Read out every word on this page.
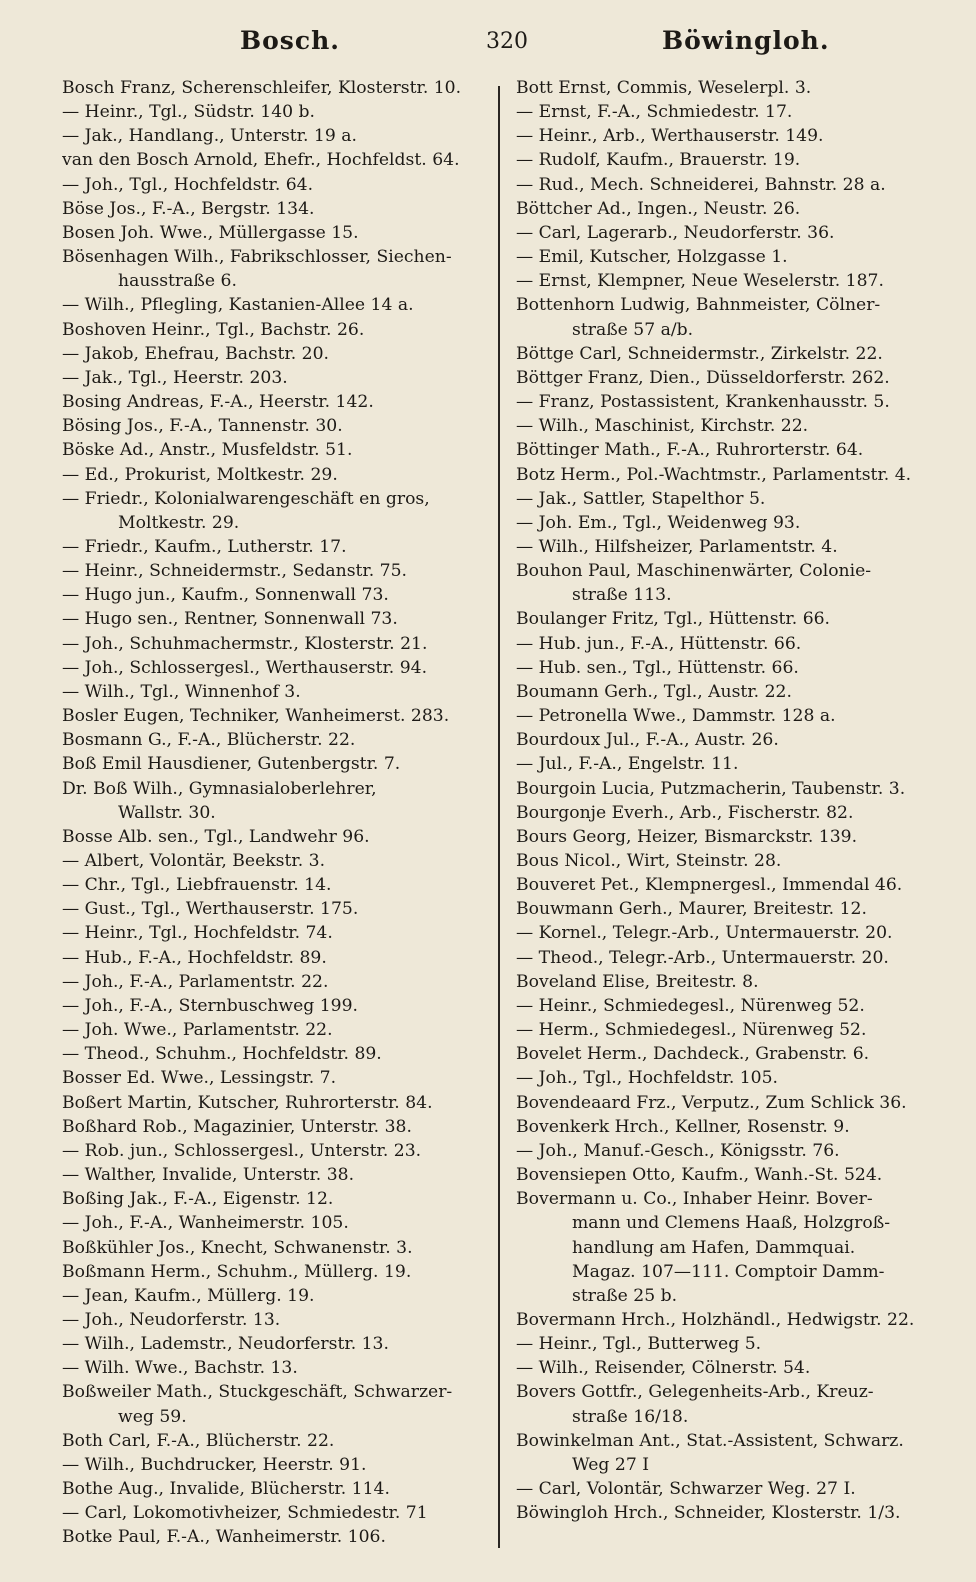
Bosch.	320	Böwingloh.
Bosch Franz, Scherenschleifer, Klosterstr. 10.
— Heinr., Tgl., Südstr. 140 b.
— Jak., Handlang., Unterstr. 19 a.
van den Bosch Arnold, Ehefr., Hochfeldst. 64.
— Joh., Tgl., Hochfeldstr. 64.
Böse Jos., F.-A., Bergstr. 134.
Bosen Joh. Wwe., Müllergasse 15.
Bösenhagen Wilh., Fabrikschlosser, Siechen-
hausstraße 6.
— Wilh., Pflegling, Kastanien-Allee 14 a.
Boshoven Heinr., Tgl., Bachstr. 26.
— Jakob, Ehefrau, Bachstr. 20.
— Jak., Tgl., Heerstr. 203.
Bosing Andreas, F.-A., Heerstr. 142.
Bösing Jos., F.-A., Tannenstr. 30.
Böske Ad., Anstr., Musfeldstr. 51.
— Ed., Prokurist, Moltkestr. 29.
— Friedr., Kolonialwarengeschäft en gros,
Moltkestr. 29.
— Friedr., Kaufm., Lutherstr. 17.
— Heinr., Schneidermstr., Sedanstr. 75.
— Hugo jun., Kaufm., Sonnenwall 73.
— Hugo sen., Rentner, Sonnenwall 73.
— Joh., Schuhmachermstr., Klosterstr. 21.
— Joh., Schlossergesl., Werthauserstr. 94.
— Wilh., Tgl., Winnenhof 3.
Bosler Eugen, Techniker, Wanheimerst. 283.
Bosmann G., F.-A., Blücherstr. 22.
Boß Emil Hausdiener, Gutenbergstr. 7.
Dr. Boß Wilh., Gymnasialoberlehrer,
Wallstr. 30.
Bosse Alb. sen., Tgl., Landwehr 96.
— Albert, Volontär, Beekstr. 3.
— Chr., Tgl., Liebfrauenstr. 14.
— Gust., Tgl., Werthauserstr. 175.
— Heinr., Tgl., Hochfeldstr. 74.
— Hub., F.-A., Hochfeldstr. 89.
— Joh., F.-A., Parlamentstr. 22.
— Joh., F.-A., Sternbuschweg 199.
— Joh. Wwe., Parlamentstr. 22.
— Theod., Schuhm., Hochfeldstr. 89.
Bosser Ed. Wwe., Lessingstr. 7.
Boßert Martin, Kutscher, Ruhrorterstr. 84.
Boßhard Rob., Magazinier, Unterstr. 38.
— Rob. jun., Schlossergesl., Unterstr. 23.
— Walther, Invalide, Unterstr. 38.
Boßing Jak., F.-A., Eigenstr. 12.
— Joh., F.-A., Wanheimerstr. 105.
Boßkühler Jos., Knecht, Schwanenstr. 3.
Boßmann Herm., Schuhm., Müllerg. 19.
— Jean, Kaufm., Müllerg. 19.
— Joh., Neudorferstr. 13.
— Wilh., Lademstr., Neudorferstr. 13.
— Wilh. Wwe., Bachstr. 13.
Boßweiler Math., Stuckgeschäft, Schwarzer-
weg 59.
Both Carl, F.-A., Blücherstr. 22.
— Wilh., Buchdrucker, Heerstr. 91.
Bothe Aug., Invalide, Blücherstr. 114.
— Carl, Lokomotivheizer, Schmiedestr. 71
Botke Paul, F.-A., Wanheimerstr. 106.
Bott Ernst, Commis, Weselerpl. 3.
— Ernst, F.-A., Schmiedestr. 17.
— Heinr., Arb., Werthauserstr. 149.
— Rudolf, Kaufm., Brauerstr. 19.
— Rud., Mech. Schneiderei, Bahnstr. 28 a.
Böttcher Ad., Ingen., Neustr. 26.
— Carl, Lagerarb., Neudorferstr. 36.
— Emil, Kutscher, Holzgasse 1.
— Ernst, Klempner, Neue Weselerstr. 187.
Bottenhorn Ludwig, Bahnmeister, Cölner-
straße 57 a/b.
Böttge Carl, Schneidermstr., Zirkelstr. 22.
Böttger Franz, Dien., Düsseldorferstr. 262.
— Franz, Postassistent, Krankenhausstr. 5.
— Wilh., Maschinist, Kirchstr. 22.
Böttinger Math., F.-A., Ruhrorterstr. 64.
Botz Herm., Pol.-Wachtmstr., Parlamentstr. 4.
— Jak., Sattler, Stapelthor 5.
— Joh. Em., Tgl., Weidenweg 93.
— Wilh., Hilfsheizer, Parlamentstr. 4.
Bouhon Paul, Maschinenwärter, Colonie-
straße 113.
Boulanger Fritz, Tgl., Hüttenstr. 66.
— Hub. jun., F.-A., Hüttenstr. 66.
— Hub. sen., Tgl., Hüttenstr. 66.
Boumann Gerh., Tgl., Austr. 22.
— Petronella Wwe., Dammstr. 128 a.
Bourdoux Jul., F.-A., Austr. 26.
— Jul., F.-A., Engelstr. 11.
Bourgoin Lucia, Putzmacherin, Taubenstr. 3.
Bourgonje Everh., Arb., Fischerstr. 82.
Bours Georg, Heizer, Bismarckstr. 139.
Bous Nicol., Wirt, Steinstr. 28.
Bouveret Pet., Klempnergesl., Immendal 46.
Bouwmann Gerh., Maurer, Breitestr. 12.
— Kornel., Telegr.-Arb., Untermauerstr. 20.
— Theod., Telegr.-Arb., Untermauerstr. 20.
Boveland Elise, Breitestr. 8.
— Heinr., Schmiedegesl., Nürenweg 52.
— Herm., Schmiedegesl., Nürenweg 52.
Bovelet Herm., Dachdeck., Grabenstr. 6.
— Joh., Tgl., Hochfeldstr. 105.
Bovendeaard Frz., Verputz., Zum Schlick 36.
Bovenkerk Hrch., Kellner, Rosenstr. 9.
— Joh., Manuf.-Gesch., Königsstr. 76.
Bovensiepen Otto, Kaufm., Wanh.-St. 524.
Bovermann u. Co., Inhaber Heinr. Bover-
mann und Clemens Haaß, Holzgroß-
handlung am Hafen, Dammquai.
Magaz. 107—111. Comptoir Damm-
straße 25 b.
Bovermann Hrch., Holzhändl., Hedwigstr. 22.
— Heinr., Tgl., Butterweg 5.
— Wilh., Reisender, Cölnerstr. 54.
Bovers Gottfr., Gelegenheits-Arb., Kreuz-
straße 16/18.
Bowinkelman Ant., Stat.-Assistent, Schwarz.
Weg 27 I
— Carl, Volontär, Schwarzer Weg. 27 I.
Böwingloh Hrch., Schneider, Klosterstr. 1/3.
